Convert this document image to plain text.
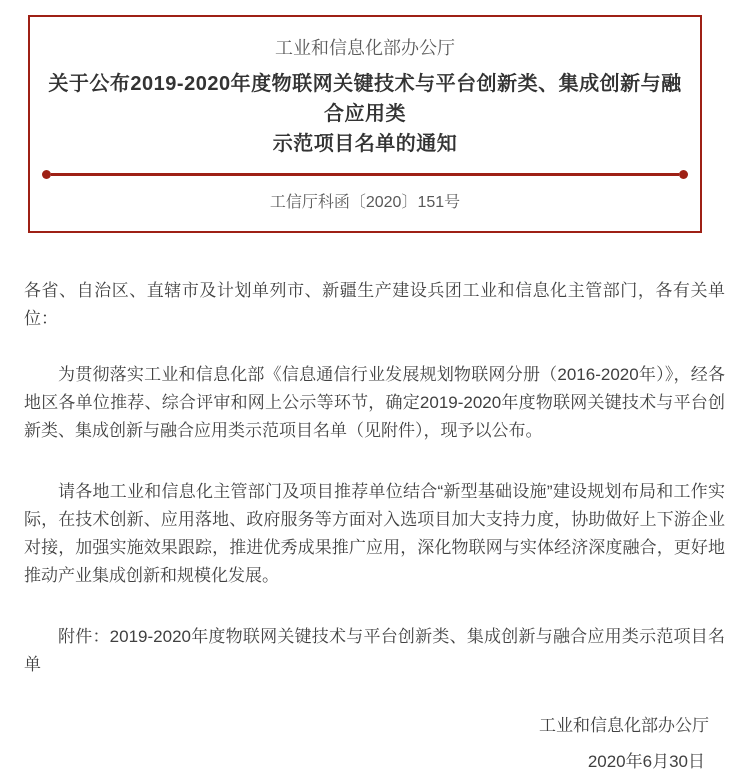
工业和信息化部办公厅
关于公布2019-2020年度物联网关键技术与平台创新类、集成创新与融合应用类
示范项目名单的通知
工信厅科函〔2020〕151号

各省、自治区、直辖市及计划单列市、新疆生产建设兵团工业和信息化主管部门，各有关单位：

为贯彻落实工业和信息化部《信息通信行业发展规划物联网分册（2016-2020年）》，经各地区各单位推荐、综合评审和网上公示等环节，确定2019-2020年度物联网关键技术与平台创新类、集成创新与融合应用类示范项目名单（见附件），现予以公布。

请各地工业和信息化主管部门及项目推荐单位结合“新型基础设施”建设规划布局和工作实际，在技术创新、应用落地、政府服务等方面对入选项目加大支持力度，协助做好上下游企业对接，加强实施效果跟踪，推进优秀成果推广应用，深化物联网与实体经济深度融合，更好地推动产业集成创新和规模化发展。

附件：2019-2020年度物联网关键技术与平台创新类、集成创新与融合应用类示范项目名单

工业和信息化部办公厅
2020年6月30日
